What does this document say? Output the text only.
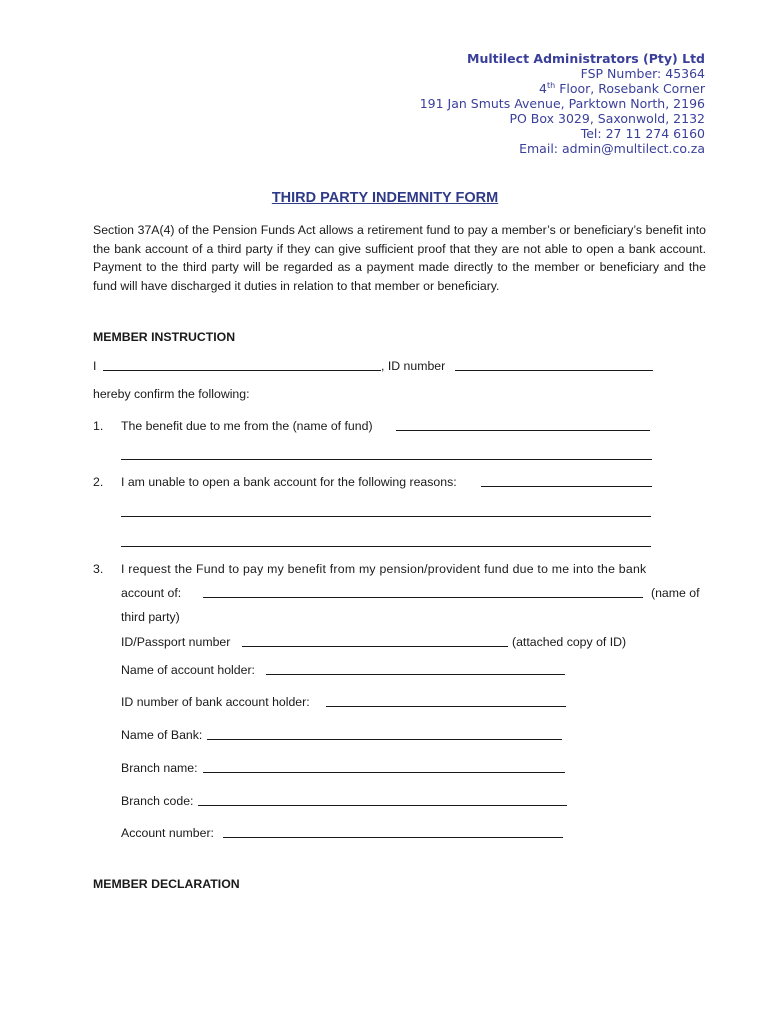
Multilect Administrators (Pty) Ltd
FSP Number: 45364
4th Floor, Rosebank Corner
191 Jan Smuts Avenue, Parktown North, 2196
PO Box 3029, Saxonwold, 2132
Tel: 27 11 274 6160
Email: admin@multilect.co.za
THIRD PARTY INDEMNITY FORM
Section 37A(4) of the Pension Funds Act allows a retirement fund to pay a member’s or beneficiary’s benefit into the bank account of a third party if they can give sufficient proof that they are not able to open a bank account. Payment to the third party will be regarded as a payment made directly to the member or beneficiary and the fund will have discharged it duties in relation to that member or beneficiary.
MEMBER INSTRUCTION
I	, ID number
hereby confirm the following:
1. The benefit due to me from the (name of fund)
2. I am unable to open a bank account for the following reasons:
3. I request the Fund to pay my benefit from my pension/provident fund due to me into the bank
account of:	(name of
third party)
ID/Passport number	(attached copy of ID)
Name of account holder:
ID number of bank account holder:
Name of Bank:
Branch name:
Branch code:
Account number:
MEMBER DECLARATION
